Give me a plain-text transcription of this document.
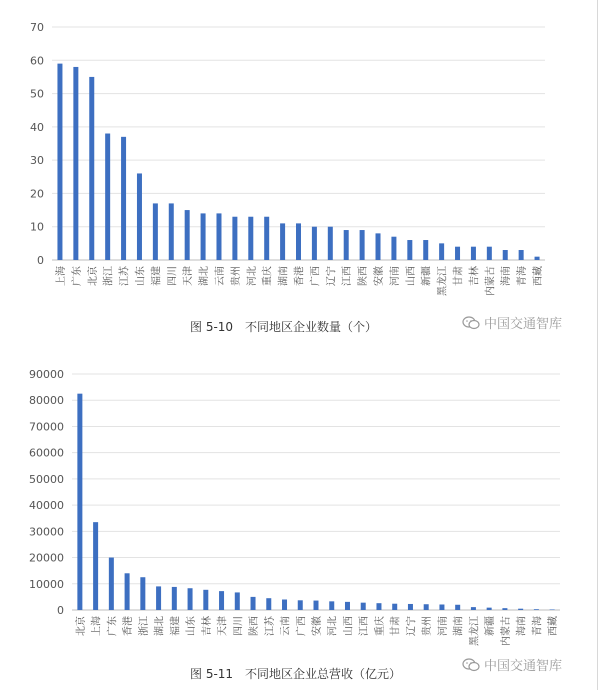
0
10
20
30
40
50
60
70
上海 广东 北京 浙江 江苏 山东 福建 四川 天津 湖北 云南 贵州 河北 重庆 湖南 香港 广西 辽宁 江西 陕西 安徽 河南 山西 新疆 黑龙江 甘肃 吉林 内蒙古 海南 青海 西藏
图 5-10　不同地区企业数量（个）	中国交通智库
0
10000
20000
30000
40000
50000
60000
70000
80000
90000
北京 上海 广东 香港 浙江 湖北 福建 山东 吉林 天津 四川 陕西 江苏 云南 广西 安徽 河北 山西 江西 重庆 甘肃 辽宁 贵州 河南 湖南 黑龙江 新疆 内蒙古 海南 青海 西藏
图 5-11　不同地区企业总营收（亿元）	中国交通智库
